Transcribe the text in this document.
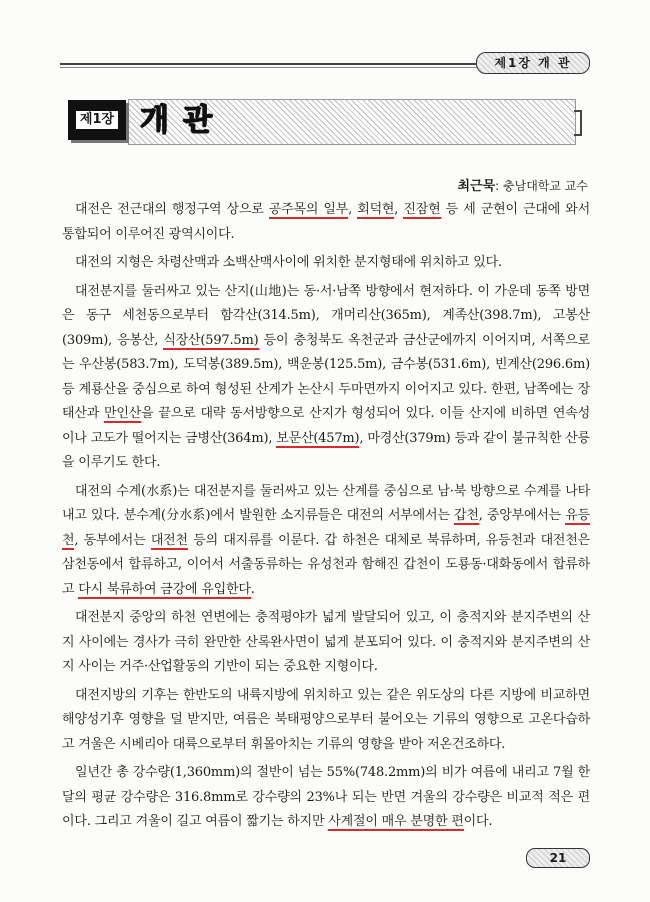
제1장 개 관
제1장 개관
최근묵: 충남대학교 교수

대전은 전근대의 행정구역 상으로 공주목의 일부, 회덕현, 진잠현 등 세 군현이 근대에 와서 통합되어 이루어진 광역시이다.

대전의 지형은 차령산맥과 소백산맥사이에 위치한 분지형태에 위치하고 있다.

대전분지를 둘러싸고 있는 산지(山地)는 동·서·남쪽 방향에서 현저하다. 이 가운데 동쪽 방면은 동구 세천동으로부터 함각산(314.5m), 개머리산(365m), 계족산(398.7m), 고봉산(309m), 응봉산, 식장산(597.5m) 등이 충청북도 옥천군과 금산군에까지 이어지며, 서쪽으로는 우산봉(583.7m), 도덕봉(389.5m), 백운봉(125.5m), 금수봉(531.6m), 빈계산(296.6m) 등 계룡산을 중심으로 하여 형성된 산계가 논산시 두마면까지 이어지고 있다. 한편, 남쪽에는 장태산과 만인산을 끝으로 대략 동서방향으로 산지가 형성되어 있다. 이들 산지에 비하면 연속성이나 고도가 떨어지는 금병산(364m), 보문산(457m), 마경산(379m) 등과 같이 불규칙한 산릉을 이루기도 한다.

대전의 수계(水系)는 대전분지를 둘러싸고 있는 산계를 중심으로 남·북 방향으로 수계를 나타내고 있다. 분수계(分水系)에서 발원한 소지류들은 대전의 서부에서는 갑천, 중앙부에서는 유등천, 동부에서는 대전천 등의 대지류를 이룬다. 갑 하천은 대체로 북류하며, 유등천과 대전천은 삼천동에서 합류하고, 이어서 서출동류하는 유성천과 함해진 갑천이 도룡동·대화동에서 합류하고 다시 북류하여 금강에 유입한다.

대전분지 중앙의 하천 연변에는 충적평야가 넓게 발달되어 있고, 이 충적지와 분지주변의 산지 사이에는 경사가 극히 완만한 산록완사면이 넓게 분포되어 있다. 이 충적지와 분지주변의 산지 사이는 거주·산업활동의 기반이 되는 중요한 지형이다.

대전지방의 기후는 한반도의 내륙지방에 위치하고 있는 같은 위도상의 다른 지방에 비교하면 해양성기후 영향을 덜 받지만, 여름은 북태평양으로부터 불어오는 기류의 영향으로 고온다습하고 겨울은 시베리아 대륙으로부터 휘몰아치는 기류의 영향을 받아 저온건조하다.

일년간 총 강수량(1,360mm)의 절반이 넘는 55%(748.2mm)의 비가 여름에 내리고 7월 한달의 평균 강수량은 316.8mm로 강수량의 23%나 되는 반면 겨울의 강수량은 비교적 적은 편이다. 그리고 겨울이 길고 여름이 짧기는 하지만 사계절이 매우 분명한 편이다.

21
